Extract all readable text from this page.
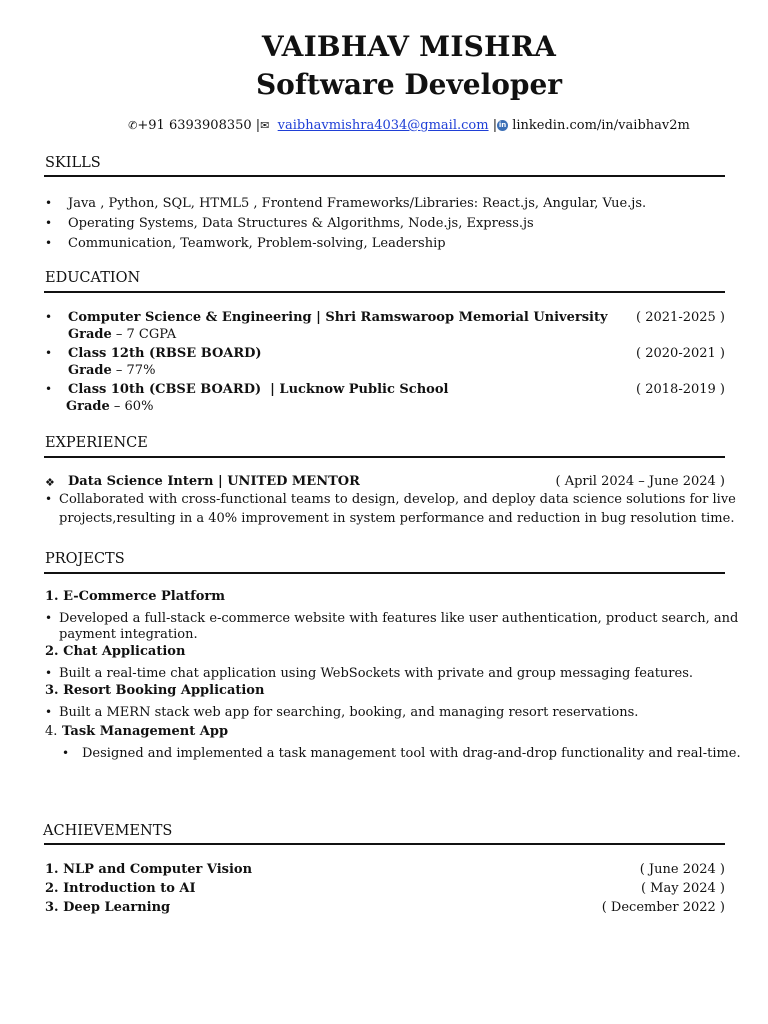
VAIBHAV MISHRA
Software Developer
✆+91 6393908350 |✉ vaibhavmishra4034@gmail.com | in linkedin.com/in/vaibhav2m
SKILLS
• Java , Python, SQL, HTML5 , Frontend Frameworks/Libraries: React.js, Angular, Vue.js.
• Operating Systems, Data Structures & Algorithms, Node.js, Express.js
• Communication, Teamwork, Problem-solving, Leadership
EDUCATION
• Computer Science & Engineering | Shri Ramswaroop Memorial University ( 2021-2025 )
Grade – 7 CGPA
• Class 12th (RBSE BOARD)	( 2020-2021 )
Grade – 77%
• Class 10th (CBSE BOARD)  | Lucknow Public School	( 2018-2019 )
Grade – 60%
EXPERIENCE
❖ Data Science Intern | UNITED MENTOR	( April 2024 – June 2024 )
• Collaborated with cross-functional teams to design, develop, and deploy data science solutions for live
projects,resulting in a 40% improvement in system performance and reduction in bug resolution time.
PROJECTS
1. E-Commerce Platform
• Developed a full-stack e-commerce website with features like user authentication, product search, and
payment integration.
2. Chat Application
• Built a real-time chat application using WebSockets with private and group messaging features.
3. Resort Booking Application
• Built a MERN stack web app for searching, booking, and managing resort reservations.
4. Task Management App
• Designed and implemented a task management tool with drag-and-drop functionality and real-time.
ACHIEVEMENTS
1. NLP and Computer Vision	( June 2024 )
2. Introduction to AI	( May 2024 )
3. Deep Learning	( December 2022 )
